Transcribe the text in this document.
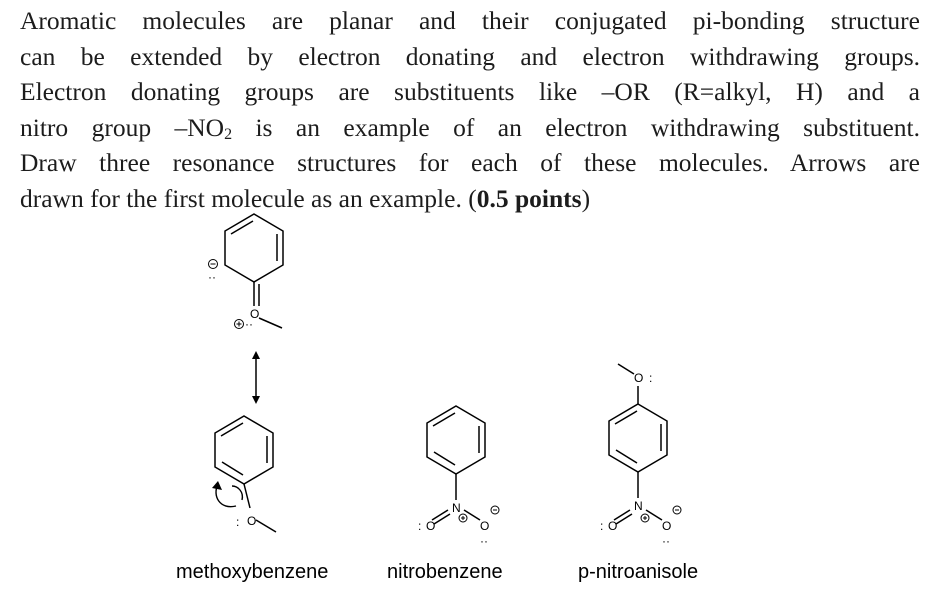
Aromatic molecules are planar and their conjugated pi-bonding structure
can be extended by electron donating and electron withdrawing groups.
Electron donating groups are substituents like –OR (R=alkyl, H) and a
nitro group $-NO_2$ is an example of an electron withdrawing substituent.
Draw three resonance structures for each of these molecules. Arrows are
drawn for the first molecule as an example. (0.5 points)
O
··
··
O
:
N
O	O
:
··
O :
N
O	O
:
··
methoxybenzene	nitrobenzene	p-nitroanisole
